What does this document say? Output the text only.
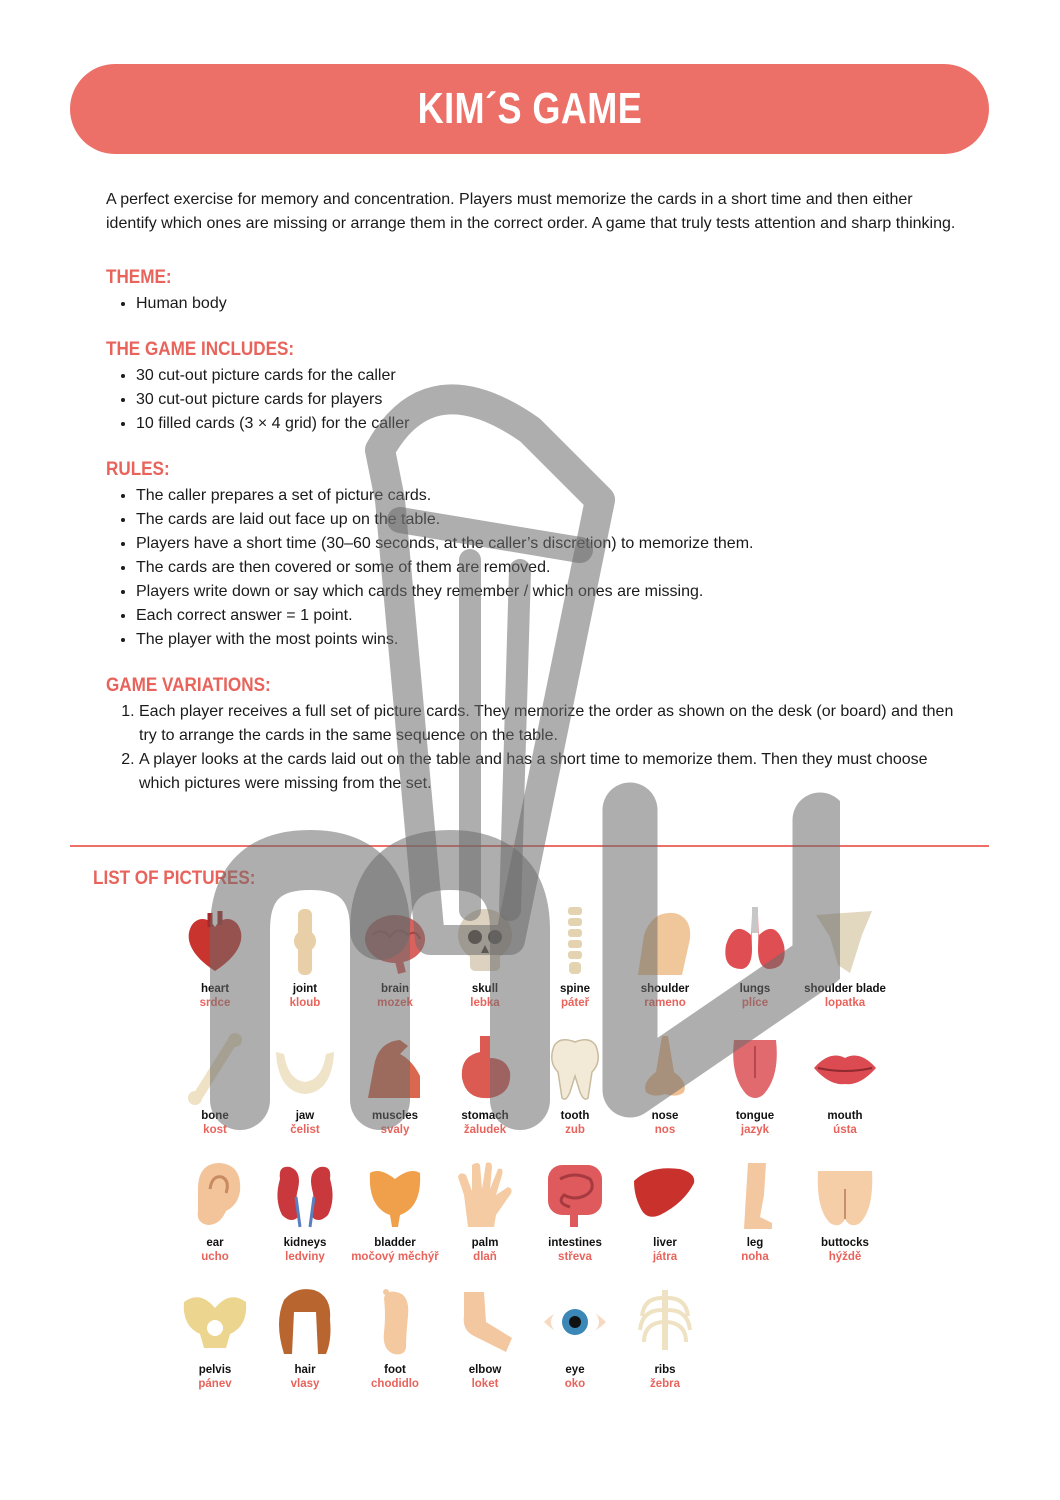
KIM´S GAME

A perfect exercise for memory and concentration. Players must memorize the cards in a short time and then either identify which ones are missing or arrange them in the correct order. A game that truly tests attention and sharp thinking.

THEME:
• Human body
THE GAME INCLUDES:
• 30 cut-out picture cards for the caller
• 30 cut-out picture cards for players
• 10 filled cards (3 × 4 grid) for the caller
RULES:
• The caller prepares a set of picture cards.
• The cards are laid out face up on the table.
• Players have a short time (30–60 seconds, at the caller’s discretion) to memorize them.
• The cards are then covered or some of them are removed.
• Players write down or say which cards they remember / which ones are missing.
• Each correct answer = 1 point.
• The player with the most points wins.
GAME VARIATIONS:
1. Each player receives a full set of picture cards. They memorize the order as shown on the desk (or board) and then try to arrange the cards in the same sequence on the table.
2. A player looks at the cards laid out on the table and has a short time to memorize them. Then they must choose which pictures were missing from the set.
LIST OF PICTURES:
heart
srdce
joint
kloub
brain
mozek
skull
lebka
spine
páteř
shoulder
rameno
lungs
plíce
shoulder blade
lopatka
bone
kost
jaw
čelist
muscles
svaly
stomach
žaludek
tooth
zub
nose
nos
tongue
jazyk
mouth
ústa
ear
ucho
kidneys
ledviny
bladder
močový měchýř
palm
dlaň
intestines
střeva
liver
játra
leg
noha
buttocks
hýždě
pelvis
pánev
hair
vlasy
foot
chodidlo
elbow
loket
eye
oko
ribs
žebra
